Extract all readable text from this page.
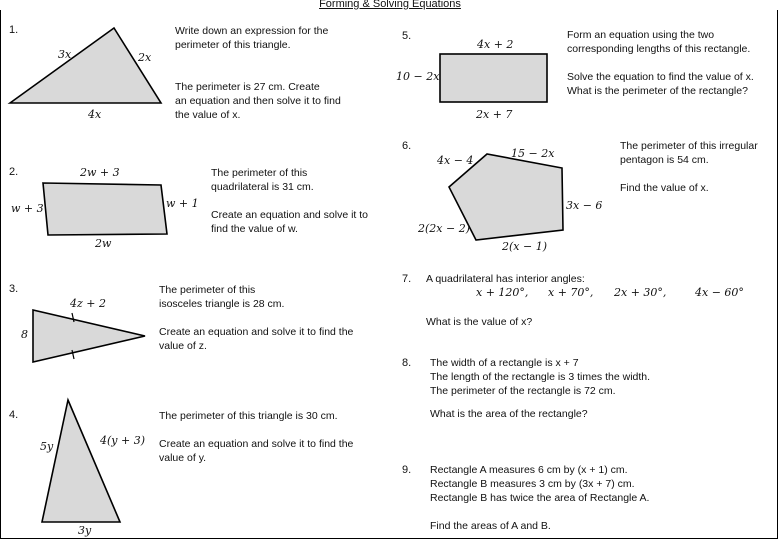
Forming & Solving Equations
1.
3x	2x
4x

Write down an expression for the

perimeter of this triangle.

The perimeter is 27 cm. Create

an equation and then solve it to find

the value of x.

2.	2w + 3
w + 3	w + 1
2w

The perimeter of this

quadrilateral is 31 cm.

Create an equation and solve it to

find the value of w.

3.
4z + 2
8

The perimeter of this

isosceles triangle is 28 cm.

Create an equation and solve it to find the

value of z.

4.
5y	4(y + 3)
3y

The perimeter of this triangle is 30 cm.

Create an equation and solve it to find the

value of y.

5.
4x + 2
10 − 2x
2x + 7

Form an equation using the two

corresponding lengths of this rectangle.

Solve the equation to find the value of x.

What is the perimeter of the rectangle?

6.
4x − 4
15 − 2x
3x − 6
2(2x − 2)
2(x − 1)

The perimeter of this irregular

pentagon is 54 cm.

Find the value of x.

7. A quadrilateral has interior angles:
x + 120°, x + 70°, 2x + 30°,	4x − 60°
What is the value of x?
8. The width of a rectangle is x + 7

The length of the rectangle is 3 times the width.

The perimeter of the rectangle is 72 cm.

What is the area of the rectangle?

9. Rectangle A measures 6 cm by (x + 1) cm.

Rectangle B measures 3 cm by (3x + 7) cm.

Rectangle B has twice the area of Rectangle A.

Find the areas of A and B.
